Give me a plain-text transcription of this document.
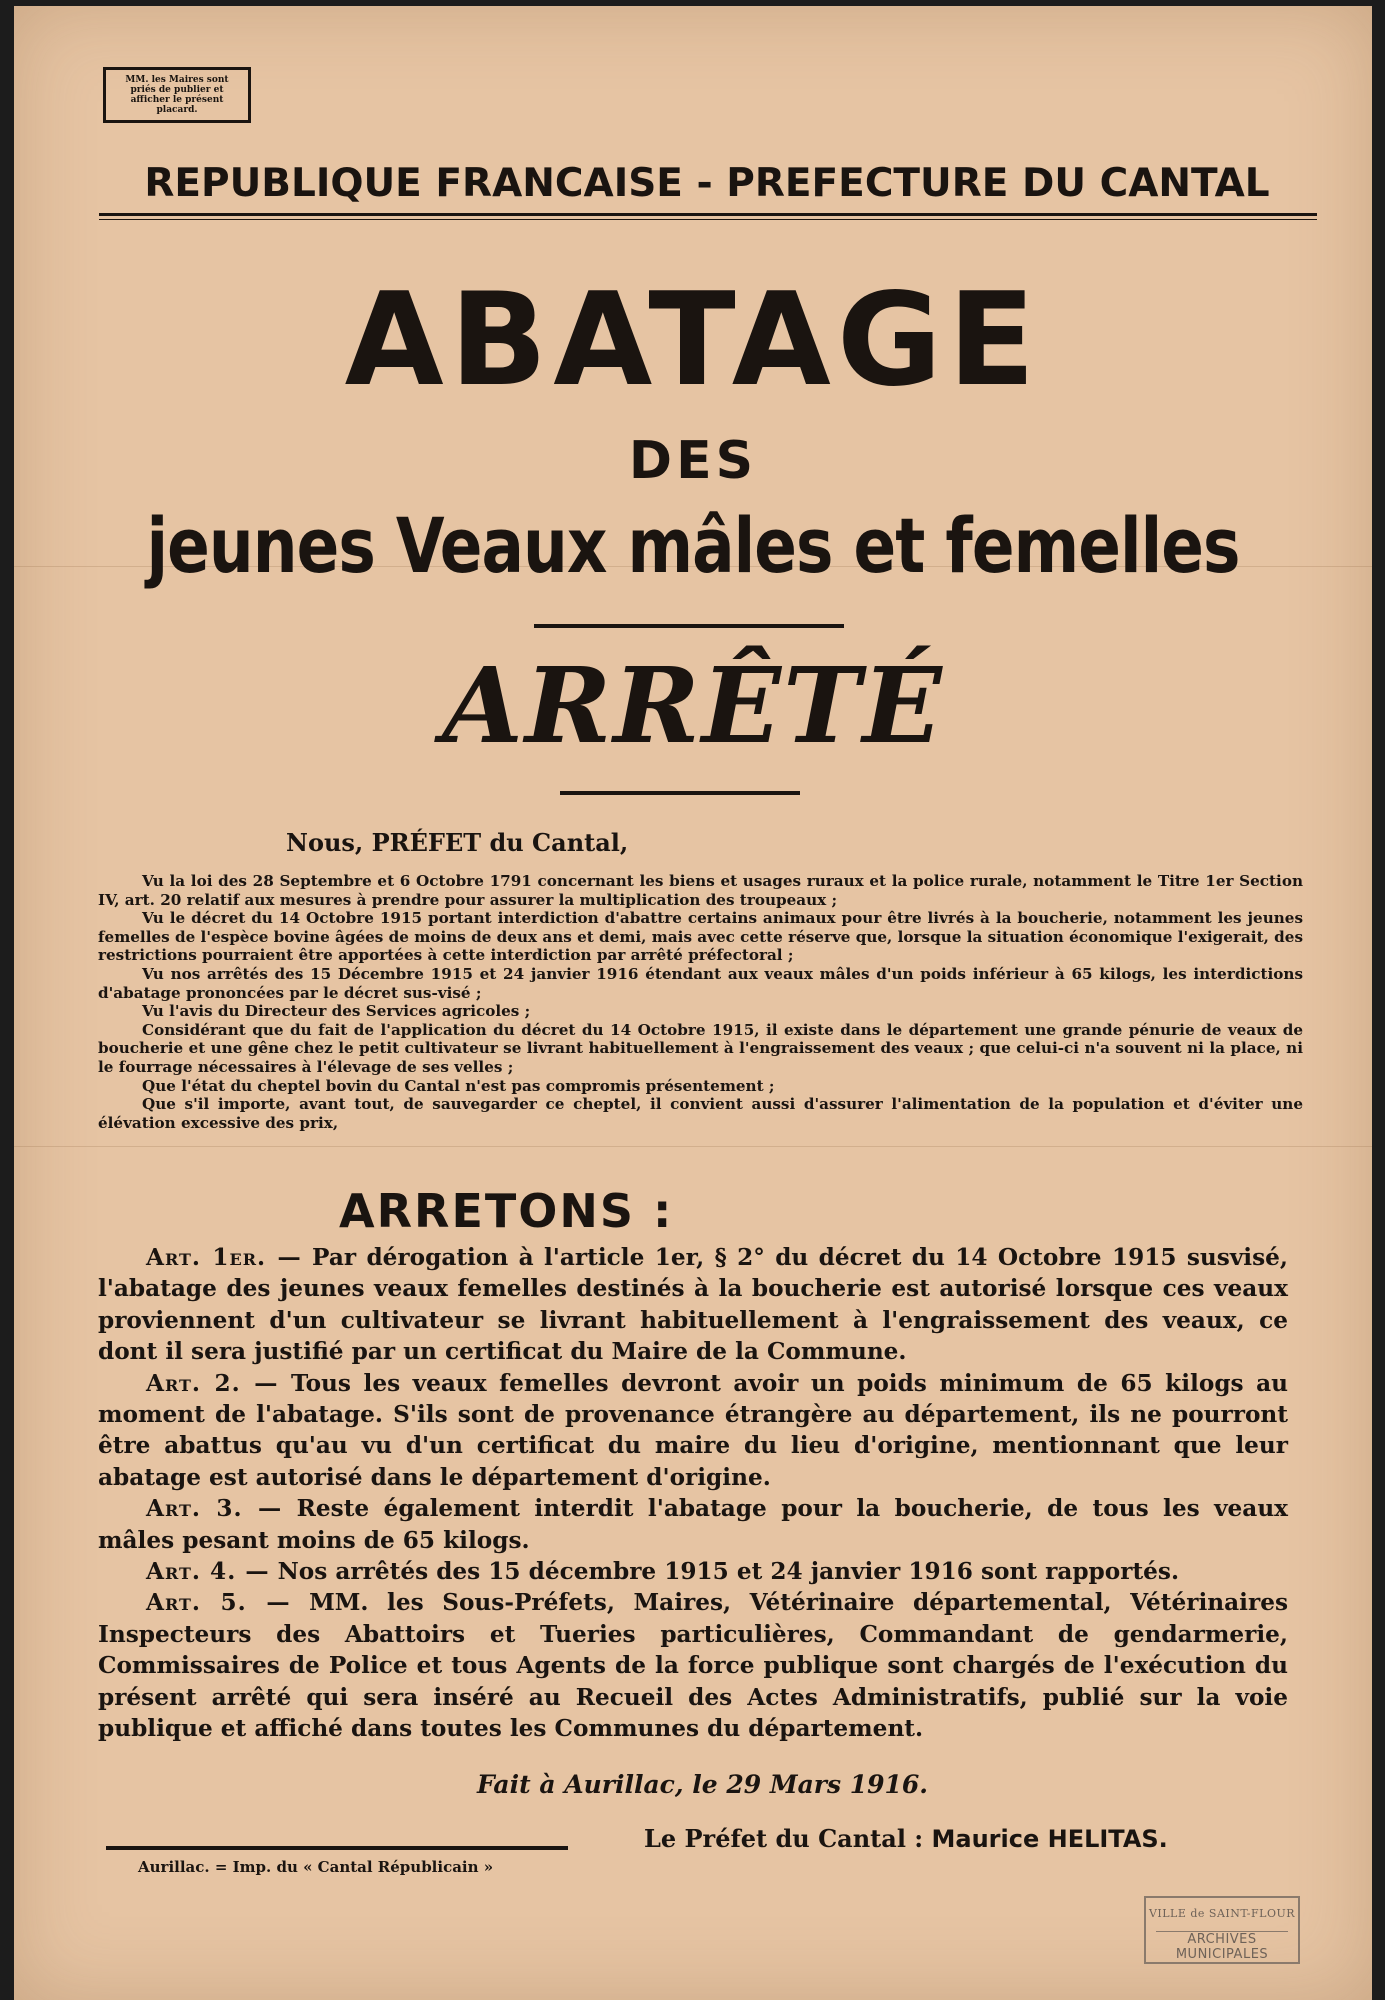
MM. les Maires sont priés de publier et afficher le présent placard.
REPUBLIQUE FRANCAISE - PREFECTURE DU CANTAL
ABATAGE
DES
jeunes Veaux mâles et femelles
ARRÊTÉ
Nous, PRÉFET du Cantal,

Vu la loi des 28 Septembre et 6 Octobre 1791 concernant les biens et usages ruraux et la police rurale, notamment le Titre 1er Section IV, art. 20 relatif aux mesures à prendre pour assurer la multiplication des troupeaux ;

Vu le décret du 14 Octobre 1915 portant interdiction d'abattre certains animaux pour être livrés à la boucherie, notamment les jeunes femelles de l'espèce bovine âgées de moins de deux ans et demi, mais avec cette réserve que, lorsque la situation économique l'exigerait, des restrictions pourraient être apportées à cette interdiction par arrêté préfectoral ;

Vu nos arrêtés des 15 Décembre 1915 et 24 janvier 1916 étendant aux veaux mâles d'un poids inférieur à 65 kilogs, les interdictions d'abatage prononcées par le décret sus-visé ;

Vu l'avis du Directeur des Services agricoles ;

Considérant que du fait de l'application du décret du 14 Octobre 1915, il existe dans le département une grande pénurie de veaux de boucherie et une gêne chez le petit cultivateur se livrant habituellement à l'engraissement des veaux ; que celui-ci n'a souvent ni la place, ni le fourrage nécessaires à l'élevage de ses velles ;

Que l'état du cheptel bovin du Cantal n'est pas compromis présentement ;

Que s'il importe, avant tout, de sauvegarder ce cheptel, il convient aussi d'assurer l'alimentation de la population et d'éviter une élévation excessive des prix,

ARRETONS :

Art. 1er. — Par dérogation à l'article 1er, § 2° du décret du 14 Octobre 1915 susvisé, l'abatage des jeunes veaux femelles destinés à la boucherie est autorisé lorsque ces veaux proviennent d'un cultivateur se livrant habituellement à l'engraissement des veaux, ce dont il sera justifié par un certificat du Maire de la Commune.

Art. 2. — Tous les veaux femelles devront avoir un poids minimum de 65 kilogs au moment de l'abatage. S'ils sont de provenance étrangère au département, ils ne pourront être abattus qu'au vu d'un certificat du maire du lieu d'origine, mentionnant que leur abatage est autorisé dans le département d'origine.

Art. 3. — Reste également interdit l'abatage pour la boucherie, de tous les veaux mâles pesant moins de 65 kilogs.

Art. 4. — Nos arrêtés des 15 décembre 1915 et 24 janvier 1916 sont rapportés.

Art. 5. — MM. les Sous-Préfets, Maires, Vétérinaire départemental, Vétérinaires Inspecteurs des Abattoirs et Tueries particulières, Commandant de gendarmerie, Commissaires de Police et tous Agents de la force publique sont chargés de l'exécution du présent arrêté qui sera inséré au Recueil des Actes Administratifs, publié sur la voie publique et affiché dans toutes les Communes du département.

Fait à Aurillac, le 29 Mars 1916.
Le Préfet du Cantal : Maurice HELITAS.
Aurillac. = Imp. du « Cantal Républicain »
VILLE de SAINT-FLOUR
ARCHIVES MUNICIPALES
